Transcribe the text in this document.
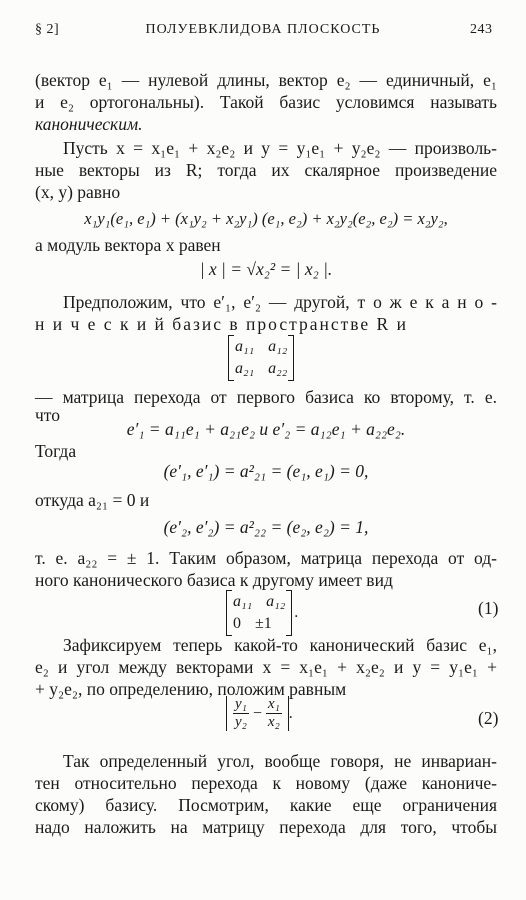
§ 2]	ПОЛУЕВКЛИДОВА ПЛОСКОСТЬ	243
(вектор e₁ — нулевой длины, вектор e₂ — единичный, e₁
и e₂ ортогональны). Такой базис условимся называть
каноническим.
Пусть x = x₁e₁ + x₂e₂ и y = y₁e₁ + y₂e₂ — произволь-
ные векторы из R; тогда их скалярное произведение
(x, y) равно
x₁y₁(e₁, e₁) + (x₁y₂ + x₂y₁) (e₁, e₂) + x₂y₂(e₂, e₂) = x₂y₂,
а модуль вектора x равен
| x | = √x₂² = | x₂ |.
Предположим, что e′₁, e′₂ — другой, т о ж е к а н о -
н и ч е с к и й базис в пространстве R и
a₁₁ a₁₂
a₂₁ a₂₂
— матрица перехода от первого базиса ко второму, т. е.
что
e′₁ = a₁₁e₁ + a₂₁e₂ и e′₂ = a₁₂e₁ + a₂₂e₂.
Тогда
(e′₁, e′₁) = a²₂₁ = (e₁, e₁) = 0,
откуда a₂₁ = 0 и
(e′₂, e′₂) = a²₂₂ = (e₂, e₂) = 1,
т. е. a₂₂ = ± 1. Таким образом, матрица перехода от од-
ного канонического базиса к другому имеет вид
a₁₁ a₁₂
0 ±1
.	(1)
Зафиксируем теперь какой-то канонический базис e₁,
e₂ и угол между векторами x = x₁e₁ + x₂e₂ и y = y₁e₁ +
+ y₂e₂, по определению, положим равным
$\frac{\text{y₁}}{\text{y₂}} - \frac{\text{x₁}}{\text{x₂}}$ .	(2)
Так определенный угол, вообще говоря, не инвариан-
тен относительно перехода к новому (даже канониче-
скому) базису. Посмотрим, какие еще ограничения
надо наложить на матрицу перехода для того, чтобы
